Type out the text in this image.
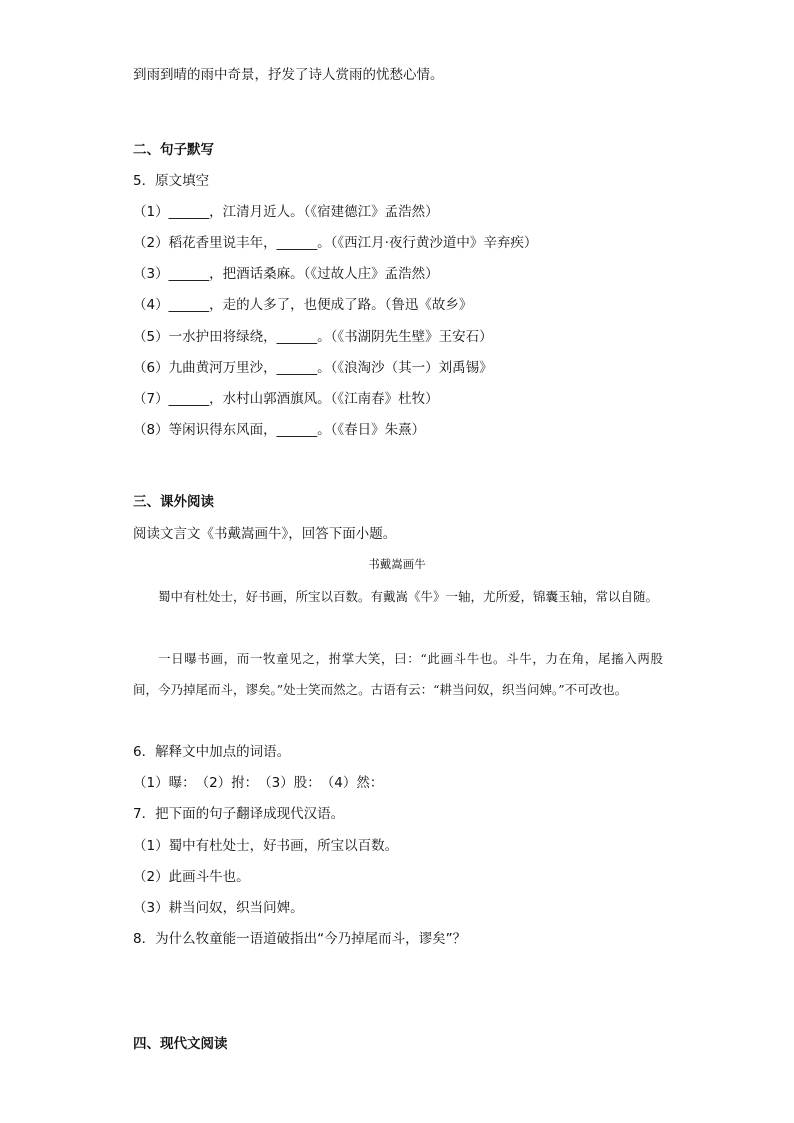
到雨到晴的雨中奇景，抒发了诗人赏雨的忧愁心情。
二、句子默写
5．原文填空
（1）______，江清月近人。（《宿建德江》孟浩然）
（2）稻花香里说丰年，______。（《西江月·夜行黄沙道中》辛弃疾）
（3）______，把酒话桑麻。（《过故人庄》孟浩然）
（4）______，走的人多了，也便成了路。（鲁迅《故乡》
（5）一水护田将绿绕，______。（《书湖阴先生壁》王安石）
（6）九曲黄河万里沙，______。（《浪淘沙（其一）刘禹锡》
（7）______，水村山郭酒旗风。（《江南春》杜牧）
（8）等闲识得东风面，______。（《春日》朱熹）
三、课外阅读
阅读文言文《书戴嵩画牛》，回答下面小题。
书戴嵩画牛

蜀中有杜处士，好书画，所宝以百数。有戴嵩《牛》一轴，尤所爱，锦囊玉轴，常以自随。

一日曝书画，而一牧童见之，拊掌大笑，曰：“此画斗牛也。斗牛，力在角，尾搐入两股间，今乃掉尾而斗，谬矣。”处士笑而然之。古语有云：“耕当问奴，织当问婢。”不可改也。

6．解释文中加点的词语。
（1）曝：　（2）拊：　（3）股：　（4）然：
7．把下面的句子翻译成现代汉语。
（1）蜀中有杜处士，好书画，所宝以百数。
（2）此画斗牛也。
（3）耕当问奴，织当问婢。
8．为什么牧童能一语道破指出“今乃掉尾而斗，谬矣”？
四、现代文阅读
